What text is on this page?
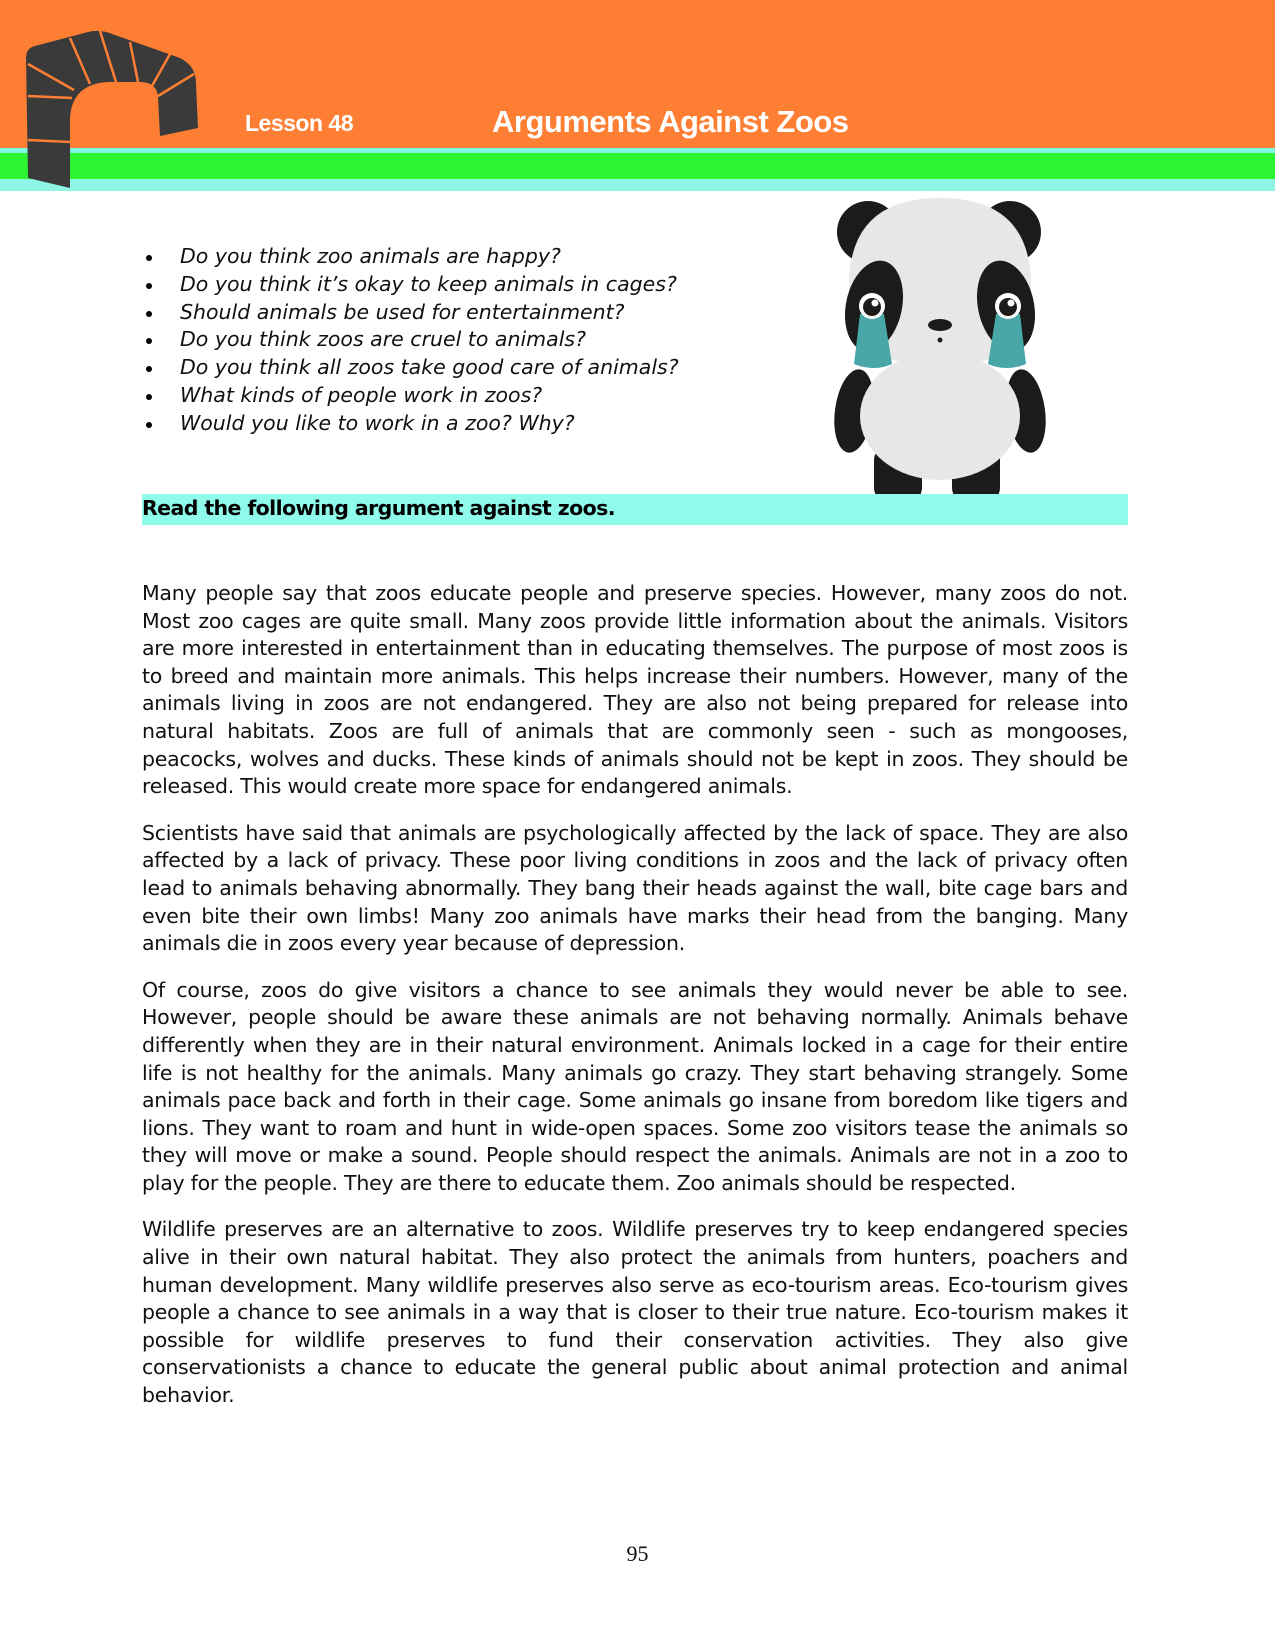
Lesson 48	Arguments Against Zoos
Do you think zoo animals are happy?
Do you think it’s okay to keep animals in cages?
Should animals be used for entertainment?
Do you think zoos are cruel to animals?
Do you think all zoos take good care of animals?
What kinds of people work in zoos?
Would you like to work in a zoo? Why?
Read the following argument against zoos.

Many people say that zoos educate people and preserve species. However, many zoos do not. Most zoo cages are quite small. Many zoos provide little information about the animals. Visitors are more interested in entertainment than in educating themselves. The purpose of most zoos is to breed and maintain more animals. This helps increase their numbers. However, many of the animals living in zoos are not endangered. They are also not being prepared for release into natural habitats. Zoos are full of animals that are commonly seen - such as mongooses, peacocks, wolves and ducks. These kinds of animals should not be kept in zoos. They should be released. This would create more space for endangered animals.

Scientists have said that animals are psychologically affected by the lack of space. They are also affected by a lack of privacy. These poor living conditions in zoos and the lack of privacy often lead to animals behaving abnormally. They bang their heads against the wall, bite cage bars and even bite their own limbs! Many zoo animals have marks their head from the banging. Many animals die in zoos every year because of depression.

Of course, zoos do give visitors a chance to see animals they would never be able to see. However, people should be aware these animals are not behaving normally. Animals behave differently when they are in their natural environment. Animals locked in a cage for their entire life is not healthy for the animals. Many animals go crazy. They start behaving strangely. Some animals pace back and forth in their cage. Some animals go insane from boredom like tigers and lions. They want to roam and hunt in wide-open spaces. Some zoo visitors tease the animals so they will move or make a sound. People should respect the animals. Animals are not in a zoo to play for the people. They are there to educate them. Zoo animals should be respected.

Wildlife preserves are an alternative to zoos. Wildlife preserves try to keep endangered species alive in their own natural habitat. They also protect the animals from hunters, poachers and human development. Many wildlife preserves also serve as eco-tourism areas. Eco-tourism gives people a chance to see animals in a way that is closer to their true nature. Eco-tourism makes it possible for wildlife preserves to fund their conservation activities. They also give conservationists a chance to educate the general public about animal protection and animal behavior.

95
